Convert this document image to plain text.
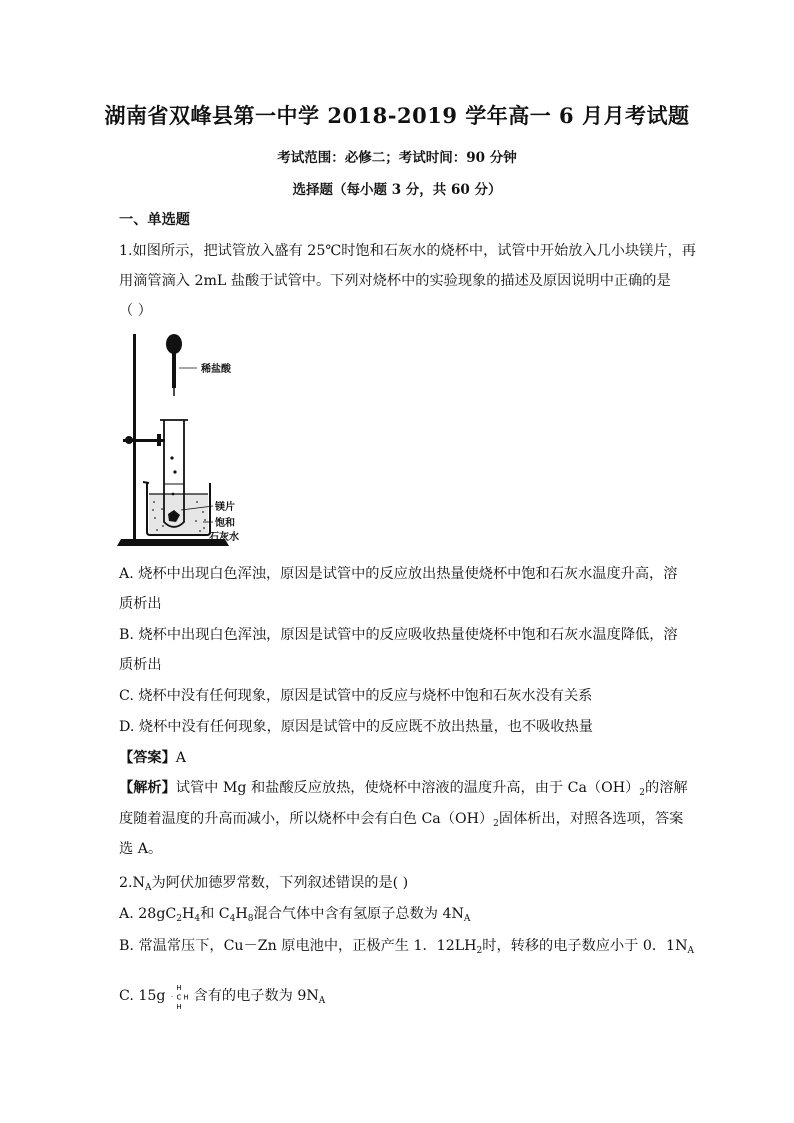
湖南省双峰县第一中学 2018-2019 学年高一 6 月月考试题
考试范围：必修二；考试时间：90 分钟
选择题（每小题 3 分，共 60 分）
一、单选题
1.如图所示，把试管放入盛有 25℃时饱和石灰水的烧杯中，试管中开始放入几小块镁片，再
用滴管滴入 2mL 盐酸于试管中。下列对烧杯中的实验现象的描述及原因说明中正确的是
（ ）
稀盐酸
镁片
饱和
石灰水
A. 烧杯中出现白色浑浊，原因是试管中的反应放出热量使烧杯中饱和石灰水温度升高，溶
质析出
B. 烧杯中出现白色浑浊，原因是试管中的反应吸收热量使烧杯中饱和石灰水温度降低，溶
质析出
C. 烧杯中没有任何现象，原因是试管中的反应与烧杯中饱和石灰水没有关系
D. 烧杯中没有任何现象，原因是试管中的反应既不放出热量，也不吸收热量
【答案】A
【解析】试管中 Mg 和盐酸反应放热，使烧杯中溶液的温度升高，由于 $Ca(OH)_2$的溶解
度随着温度的升高而减小，所以烧杯中会有白色 $Ca(OH)_2$固体析出，对照各选项，答案
选 A。
$2.N_A$为阿伏加德罗常数，下列叙述错误的是( )
A. $28gC_2H_4$和 $C_4H_8$混合气体中含有氢原子总数为 $4N_A$
B. 常温常压下，Cu－Zn 原电池中，正极产生 1．$12LH_2$时，转移的电子数应小于 0．$1N_A$
C. 15g H
· C H
H
含有的电子数为 $9N_A$
